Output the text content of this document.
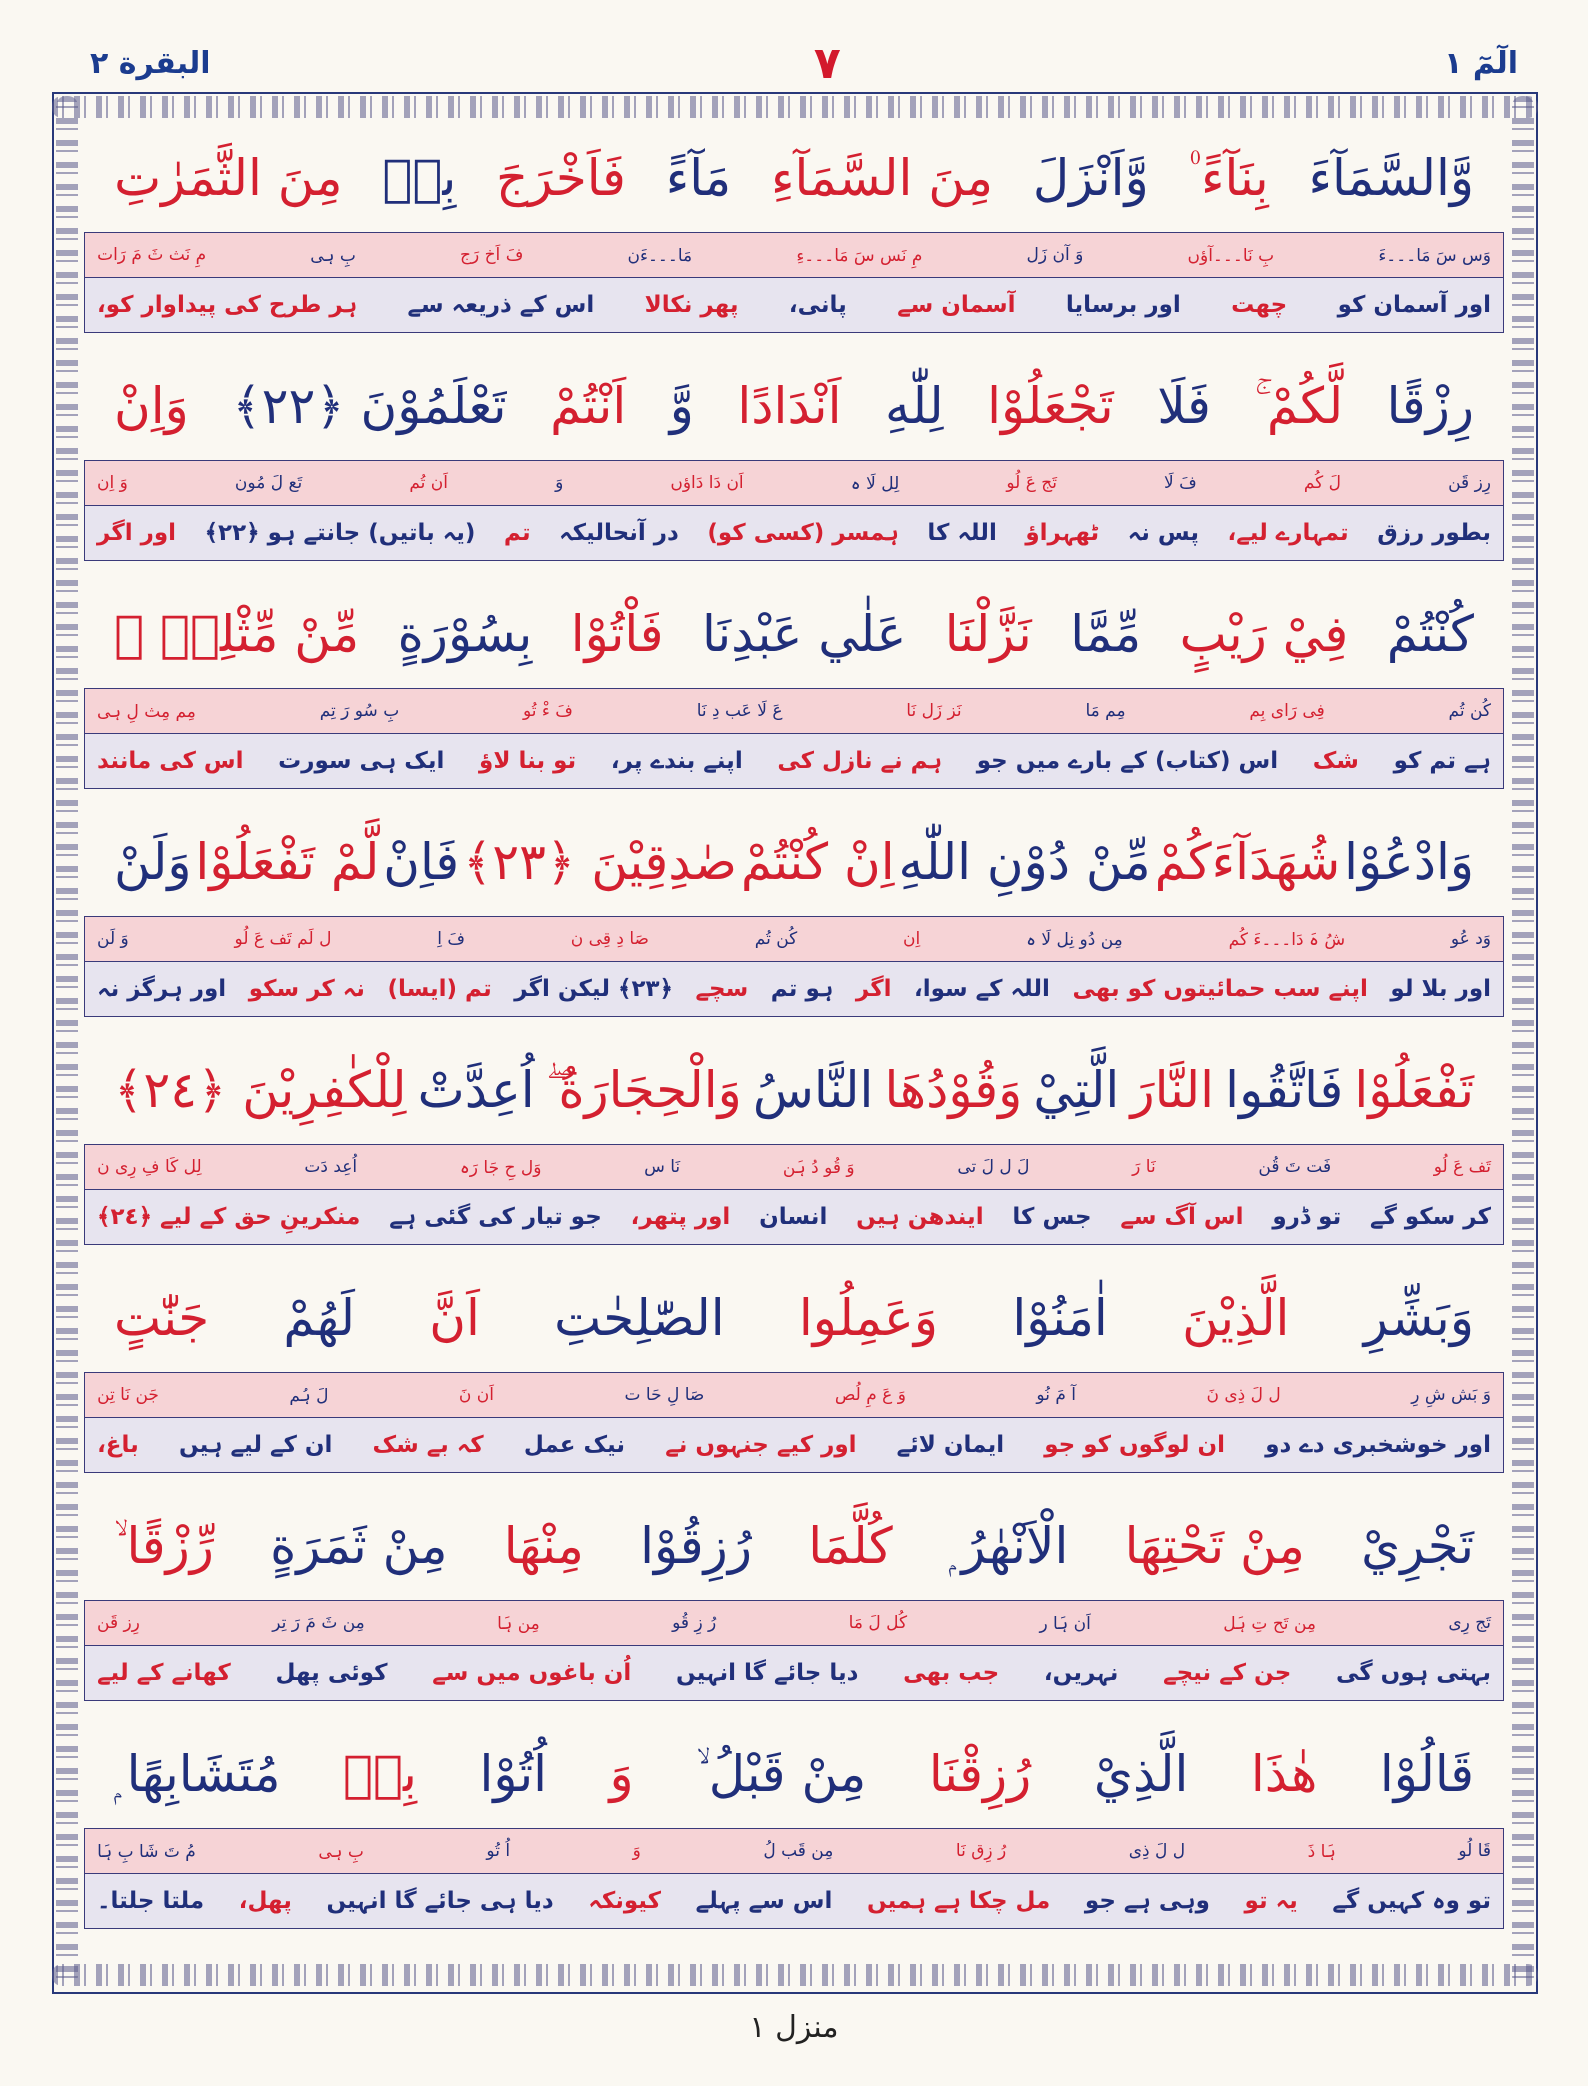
البقرة ٢	٧	الٓمٓ ١
وَّالسَّمَآءَ
بِنَآءً ۠
وَّاَنْزَلَ
مِنَ السَّمَآءِ
مَآءً
فَاَخْرَجَ
بِهٖ
مِنَ الثَّمَرٰتِ
وَس سَ مَا۔۔۔ءَ
بِ نَا۔۔۔آؤں
وَ آن زَل
مِ نَس سَ مَا۔۔۔ءِ
مَا۔۔۔ءَن
فَ اَخ رَج
بِ ہی
مِ نَث ثَ مَ رَات
اور آسمان کو
چھت
اور برسایا
آسمان سے
پانی،
پھر نکالا
اس کے ذریعہ سے
ہر طرح کی پیداوار کو،
رِزْقًا
لَّكُمْ ۚ
فَلَا
تَجْعَلُوْا
لِلّٰهِ
اَنْدَادًا
وَّ
اَنْتُمْ
تَعْلَمُوْنَ ﴿٢٢﴾
وَاِنْ
رِز قَن
لَ کُم
فَ لَا
تَج عَ لُو
لِل لَا ہ
اَن دَا دَاؤں
وَ
اَن تُم
تَع لَ مُون
وَ اِن
بطور رزق
تمہارے لیے،
پس نہ
ٹھہراؤ
اللہ کا
ہمسر (کسی کو)
در آنحالیکہ
تم
(یہ باتیں) جانتے ہو ﴿٢٢﴾
اور اگر
كُنْتُمْ
فِيْ رَيْبٍ
مِّمَّا
نَزَّلْنَا
عَلٰي عَبْدِنَا
فَاْتُوْا
بِسُوْرَةٍ
مِّنْ مِّثْلِهٖ ۠
کُن تُم
فِی رَای بِم
مِم مَا
نَز زَل نَا
عَ لَا عَب دِ نَا
فَ ءْ تُو
بِ سُو رَ تِم
مِم مِث لِ ہی
ہے تم کو
شک
اس (کتاب) کے بارے میں جو
ہم نے نازل کی
اپنے بندے پر،
تو بنا لاؤ
ایک ہی سورت
اس کی مانند
وَادْعُوْا
شُهَدَآءَكُمْ
مِّنْ دُوْنِ اللّٰهِ
اِنْ كُنْتُمْ
صٰدِقِيْنَ ﴿٢٣﴾
فَاِنْ
لَّمْ تَفْعَلُوْا
وَلَنْ
وَد عُو
شُ ہَ دَا۔۔۔ءَ کُم
مِن دُو نِل لَا ہ
اِن
کُن تُم
صَا دِ قِی ن
فَ اِ
ل لَم تَف عَ لُو
وَ لَن
اور بلا لو
اپنے سب حمائیتوں کو بھی
اللہ کے سوا،
اگر
ہو تم
سچے
﴿٢٣﴾ لیکن اگر
تم (ایسا)
نہ کر سکو
اور ہرگز نہ
تَفْعَلُوْا
فَاتَّقُوا
النَّارَ
الَّتِيْ
وَقُوْدُهَا
النَّاسُ
وَالْحِجَارَةُ ۖ
اُعِدَّتْ
لِلْكٰفِرِيْنَ ﴿٢٤﴾
تَف عَ لُو
فَت تَ قُن
نَا رَ
لَ ل لَ تی
وَ قُو دُ ہَن
نَا س
وَل حِ جَا رَہ
اُعِد دَت
لِل کَا فِ رِی ن
کر سکو گے
تو ڈرو
اس آگ سے
جس کا
ایندھن ہیں
انسان
اور پتھر،
جو تیار کی گئی ہے
منکرینِ حق کے لیے ﴿٢٤﴾
وَبَشِّرِ
الَّذِيْنَ
اٰمَنُوْا
وَعَمِلُوا
الصّٰلِحٰتِ
اَنَّ
لَهُمْ
جَنّٰتٍ
وَ بَش شِ رِ
ل لَ ذِی نَ
آ مَ نُو
وَ عَ مِ لُص
صَا لِ حَا ت
اَن نَ
لَ ہُم
جَن نَا تِن
اور خوشخبری دے دو
ان لوگوں کو جو
ایمان لائے
اور کیے جنہوں نے
نیک عمل
کہ بے شک
ان کے لیے ہیں
باغ،
تَجْرِيْ
مِنْ تَحْتِهَا
الْاَنْهٰرُ ۭ
كُلَّمَا
رُزِقُوْا
مِنْهَا
مِنْ ثَمَرَةٍ
رِّزْقًا ۙ
تَج رِی
مِن تَح تِ ہَل
اَن ہَا ر
کُل لَ مَا
رُ زِ قُو
مِن ہَا
مِن ثَ مَ رَ تِر
رِز قَن
بہتی ہوں گی
جن کے نیچے
نہریں،
جب بھی
دیا جائے گا انہیں
اُن باغوں میں سے
کوئی پھل
کھانے کے لیے
قَالُوْا
هٰذَا
الَّذِيْ
رُزِقْنَا
مِنْ قَبْلُ ۙ
وَ
اُتُوْا
بِهٖ
مُتَشَابِهًا ۭ
قَا لُو
ہَا ذَ
ل لَ ذِی
رُ زِق نَا
مِن قَب لُ
وَ
اُ تُو
بِ ہی
مُ تَ شَا بِ ہَا
تو وہ کہیں گے
یہ تو
وہی ہے جو
مل چکا ہے ہمیں
اس سے پہلے
کیونکہ
دیا ہی جائے گا انہیں
پھل،
ملتا جلتا۔
منزل ١
